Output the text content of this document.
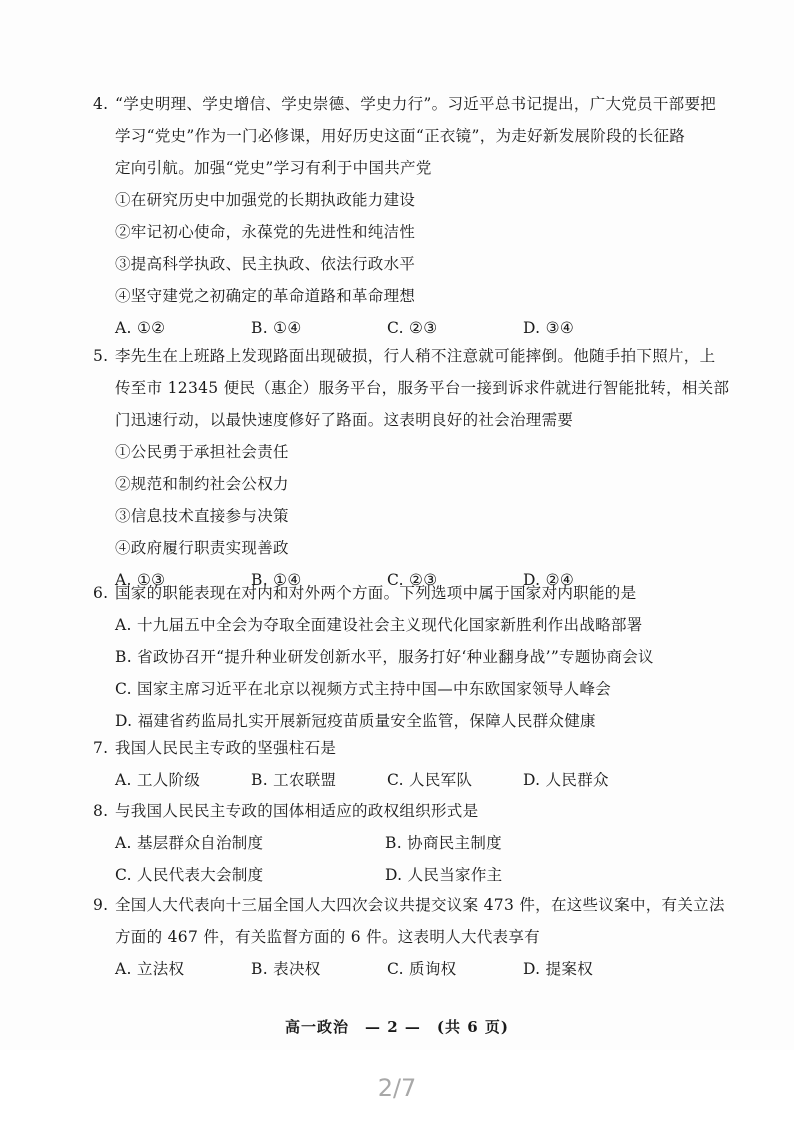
4. “学史明理、学史增信、学史崇德、学史力行”。习近平总书记提出，广大党员干部要把

学习“党史”作为一门必修课，用好历史这面“正衣镜”，为走好新发展阶段的长征路

定向引航。加强“党史”学习有利于中国共产党

①在研究历史中加强党的长期执政能力建设
②牢记初心使命，永葆党的先进性和纯洁性
③提高科学执政、民主执政、依法行政水平
④坚守建党之初确定的革命道路和革命理想
A. ①②	B. ①④	C. ②③	D. ③④

5. 李先生在上班路上发现路面出现破损，行人稍不注意就可能摔倒。他随手拍下照片，上

传至市 12345 便民（惠企）服务平台，服务平台一接到诉求件就进行智能批转，相关部

门迅速行动，以最快速度修好了路面。这表明良好的社会治理需要

①公民勇于承担社会责任
②规范和制约社会公权力
③信息技术直接参与决策
④政府履行职责实现善政
A. ①③	B. ①④	C. ②③	D. ②④

6. 国家的职能表现在对内和对外两个方面。下列选项中属于国家对内职能的是

A. 十九届五中全会为夺取全面建设社会主义现代化国家新胜利作出战略部署
B. 省政协召开“提升种业研发创新水平，服务打好‘种业翻身战’”专题协商会议
C. 国家主席习近平在北京以视频方式主持中国—中东欧国家领导人峰会
D. 福建省药监局扎实开展新冠疫苗质量安全监管，保障人民群众健康

7. 我国人民民主专政的坚强柱石是

A. 工人阶级	B. 工农联盟	C. 人民军队	D. 人民群众

8. 与我国人民民主专政的国体相适应的政权组织形式是

A. 基层群众自治制度	B. 协商民主制度
C. 人民代表大会制度	D. 人民当家作主

9. 全国人大代表向十三届全国人大四次会议共提交议案 473 件，在这些议案中，有关立法

方面的 467 件，有关监督方面的 6 件。这表明人大代表享有

A. 立法权	B. 表决权	C. 质询权	D. 提案权
高一政治　— 2 —　(共 6 页)
2/7
